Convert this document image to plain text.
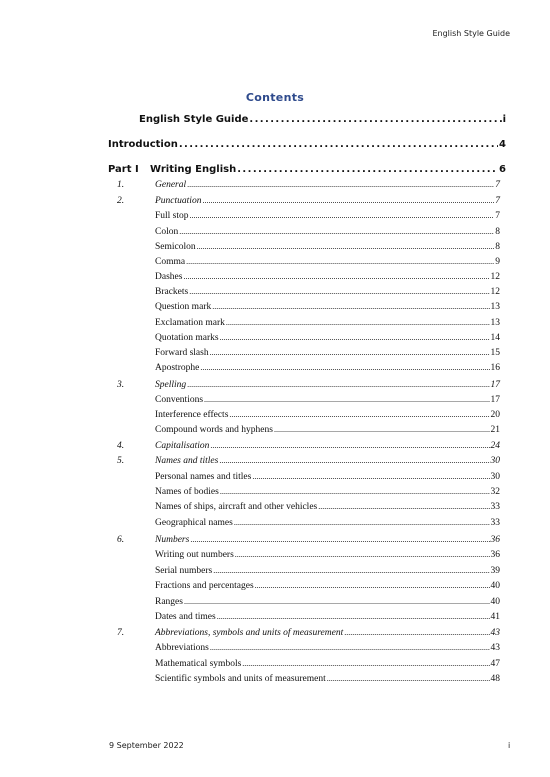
English Style Guide
Contents
English Style Guide .....	i
Introduction .....	4
Part I	Writing English .....	6
1.	General .....	7
2.	Punctuation .....	7
Full stop .....	7
Colon .....	8
Semicolon .....	8
Comma .....	9
Dashes .....	12
Brackets .....	12
Question mark .....	13
Exclamation mark .....	13
Quotation marks .....	14
Forward slash .....	15
Apostrophe .....	16
3.	Spelling .....	17
Conventions .....	17
Interference effects .....	20
Compound words and hyphens .....	21
4.	Capitalisation .....	24
5.	Names and titles .....	30
Personal names and titles .....	30
Names of bodies .....	32
Names of ships, aircraft and other vehicles .....	33
Geographical names .....	33
6.	Numbers .....	36
Writing out numbers .....	36
Serial numbers .....	39
Fractions and percentages .....	40
Ranges .....	40
Dates and times .....	41
7.	Abbreviations, symbols and units of measurement .....	43
Abbreviations .....	43
Mathematical symbols .....	47
Scientific symbols and units of measurement .....	48
9 September 2022	i
